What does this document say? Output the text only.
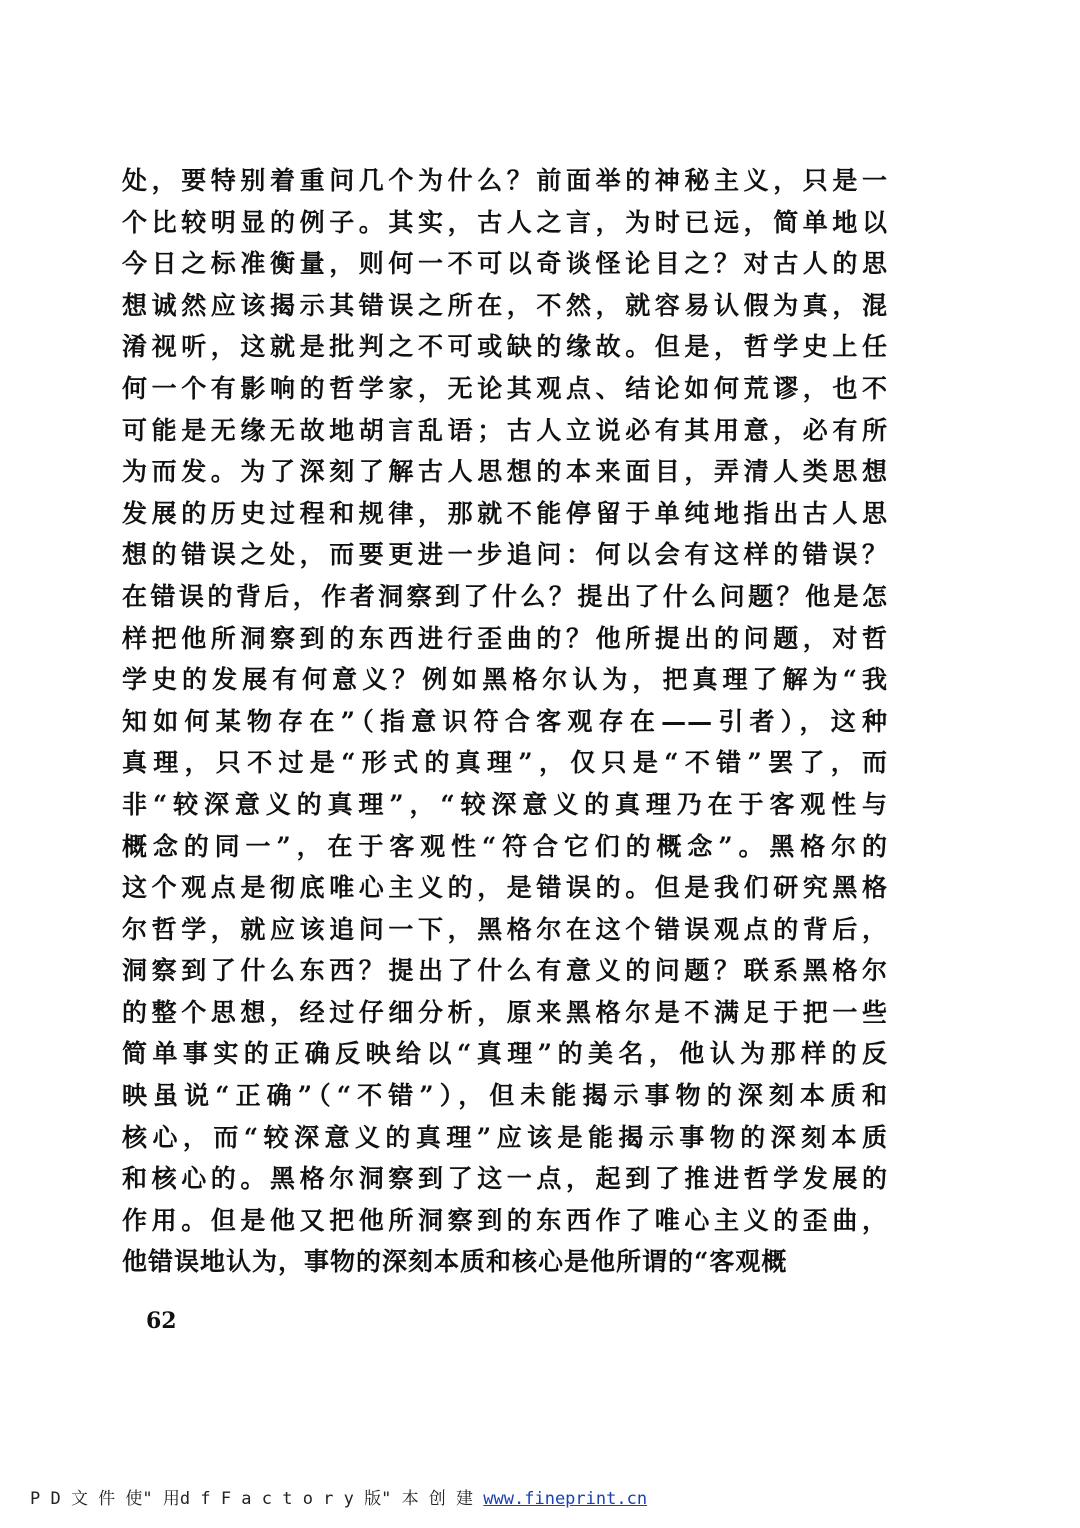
处，要特别着重问几个为什么？前面举的神秘主义，只是一
个比较明显的例子。其实，古人之言，为时已远，简单地以
今日之标准衡量，则何一不可以奇谈怪论目之？对古人的思
想诚然应该揭示其错误之所在，不然，就容易认假为真，混
淆视听，这就是批判之不可或缺的缘故。但是，哲学史上任
何一个有影响的哲学家，无论其观点、结论如何荒谬，也不
可能是无缘无故地胡言乱语；古人立说必有其用意，必有所
为而发。为了深刻了解古人思想的本来面目，弄清人类思想
发展的历史过程和规律，那就不能停留于单纯地指出古人思
想的错误之处，而要更进一步追问：何以会有这样的错误？
在错误的背后，作者洞察到了什么？提出了什么问题？他是怎
样把他所洞察到的东西进行歪曲的？他所提出的问题，对哲
学史的发展有何意义？例如黑格尔认为，把真理了解为“我
知如何某物存在”（指意识符合客观存在——引者），这种
真理，只不过是“形式的真理”，仅只是“不错”罢了，而
非“较深意义的真理”，“较深意义的真理乃在于客观性与
概念的同一”，在于客观性“符合它们的概念”。黑格尔的
这个观点是彻底唯心主义的，是错误的。但是我们研究黑格
尔哲学，就应该追问一下，黑格尔在这个错误观点的背后，
洞察到了什么东西？提出了什么有意义的问题？联系黑格尔
的整个思想，经过仔细分析，原来黑格尔是不满足于把一些
简单事实的正确反映给以“真理”的美名，他认为那样的反
映虽说“正确”（“不错”），但未能揭示事物的深刻本质和
核心，而“较深意义的真理”应该是能揭示事物的深刻本质
和核心的。黑格尔洞察到了这一点，起到了推进哲学发展的
作用。但是他又把他所洞察到的东西作了唯心主义的歪曲，
他错误地认为，事物的深刻本质和核心是他所谓的“客观概
62
P D 文 件 使" 用d f F a c t o r y 版" 本 创 建 www.fineprint.cn
